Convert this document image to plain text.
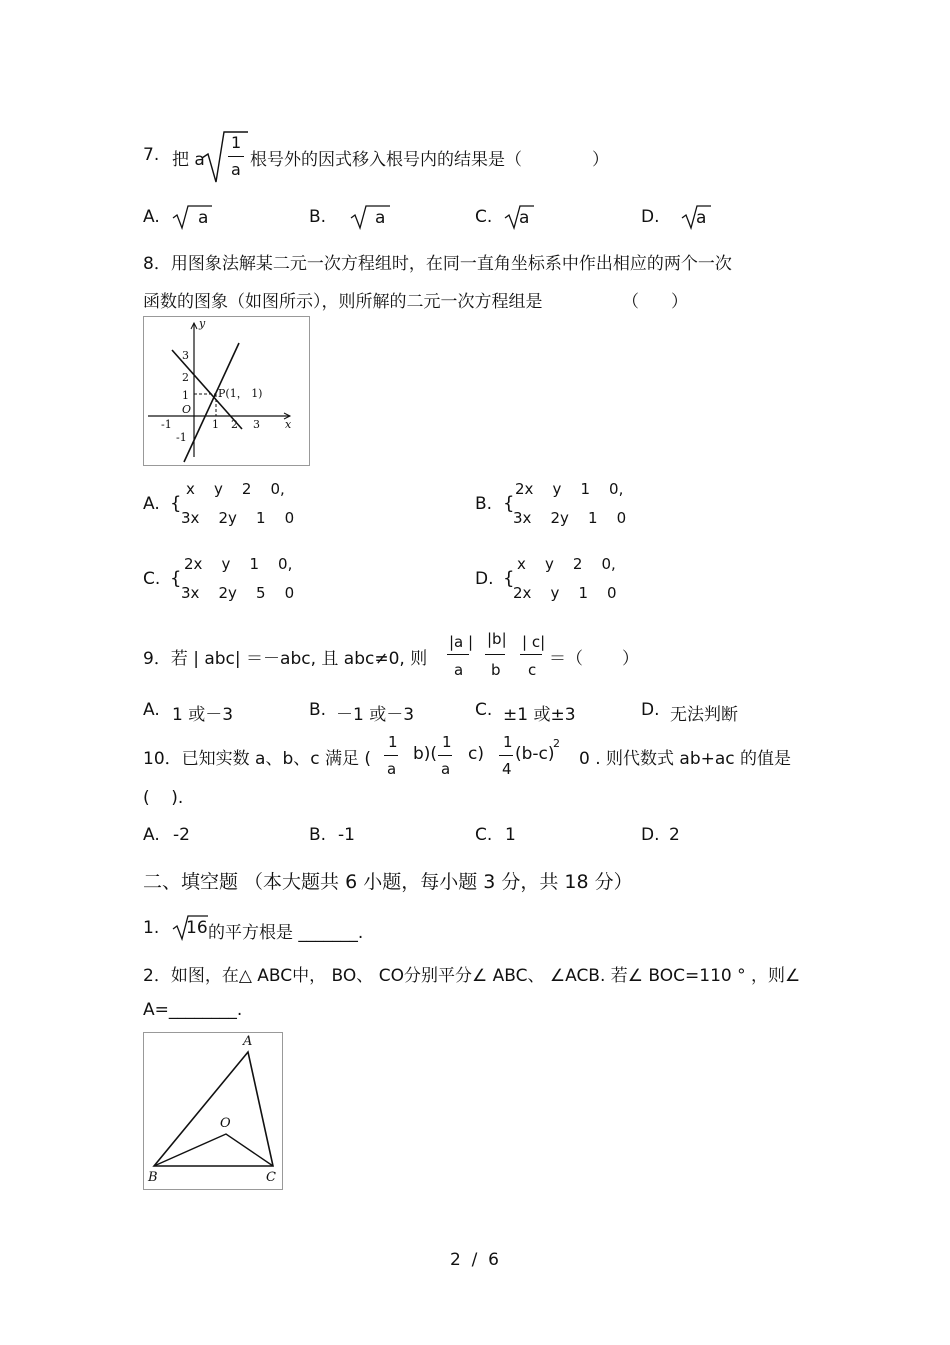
7. 把 a
1
a 根号外的因式移入根号内的结果是（	）
A. a	B.	a	C. a	D. a
8．用图象法解某二元一次方程组时，在同一直角坐标系中作出相应的两个一次
函数的图象（如图所示），则所解的二元一次方程组是	（ ）
y
x
O
3
2
1
-1
-1	1 2 3
P(1， 1)
A. {
x    y    2    0,
3x    2y    1    0
B. {
2x    y    1    0,
3x    2y    1    0
C. {
2x    y    1    0,
3x    2y    5    0
D. {
x    y    2    0,
2x    y    1    0
9．若 | abc| ＝－abc, 且 abc≠0, 则
|a |
a
|b|
b
| c|
c
＝（ ）
A. 1 或－3	B. －1 或－3	C. ±1 或±3	D. 无法判断
10．已知实数 a、b、c 满足 (
1
a
b)(
1
a
c)
1
4
(b-c)
2
0 . 则代数式 ab+ac 的值是
(    ).
A. -2	B. -1	C. 1	D. 2
二、填空题 （本大题共 6 小题，每小题 3 分，共 18 分）
1. 16 的平方根是 _______.
2．如图，在△ ABC中， BO、 CO分别平分∠ ABC、 ∠ACB. 若∠ BOC=110 ° ，则∠
A=________.
A
O
B	C
2  /  6
